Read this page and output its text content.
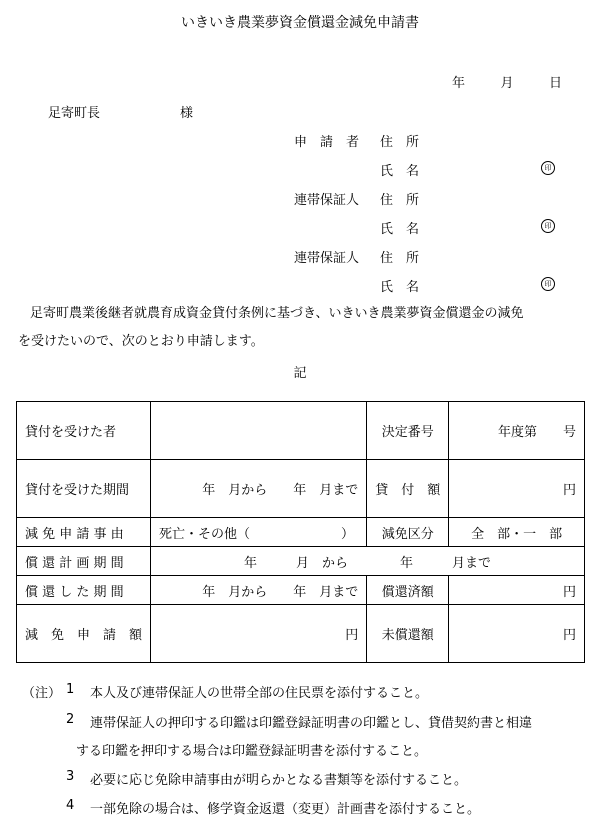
いきいき農業夢資金償還金減免申請書
年	月	日
足寄町長	様
申　請　者 住　所
氏　名	印
連帯保証人 住　所
氏　名	印
連帯保証人 住　所
氏　名	印
足寄町農業後継者就農育成資金貸付条例に基づき、いきいき農業夢資金償還金の減免
を受けたいので、次のとおり申請します。
記
貸付を受けた者		決定番号	年度第　　号
貸付を受けた期間	年　月から　　年　月まで	貸　付　額	円
減 免 申 請 事 由	死亡・その他（　　　　　　　）	減免区分	全　部・一　部
償 還 計 画 期 間	年　　　月　から　　　　年　　　月まで		
償 還 し た 期 間	年　月から　　年　月まで	償還済額	円
減　免　申　請　額	円	未償還額	円
（注） 1 本人及び連帯保証人の世帯全部の住民票を添付すること。
2 連帯保証人の押印する印鑑は印鑑登録証明書の印鑑とし、貸借契約書と相違
する印鑑を押印する場合は印鑑登録証明書を添付すること。
3 必要に応じ免除申請事由が明らかとなる書類等を添付すること。
4 一部免除の場合は、修学資金返還（変更）計画書を添付すること。
